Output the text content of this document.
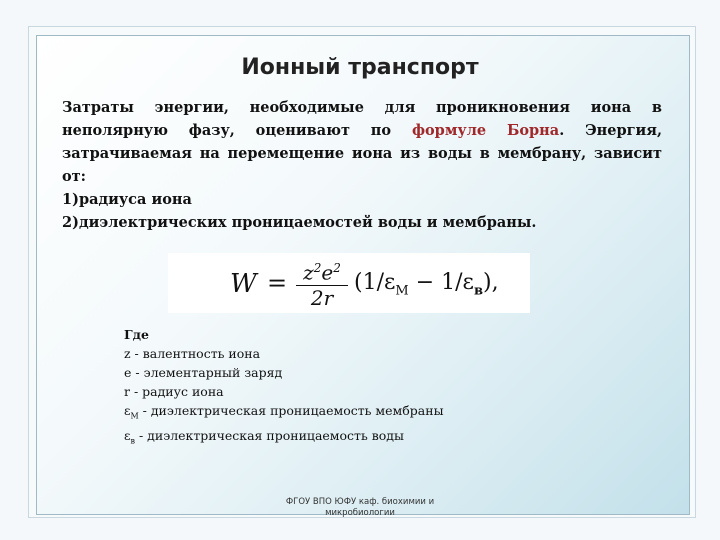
Ионный транспорт
Затраты энергии, необходимые для проникновения иона в неполярную фазу, оценивают по формуле Борна. Энергия, затрачиваемая на перемещение иона из воды в мембрану, зависит от:
1)радиуса иона
2)диэлектрических проницаемостей воды и мембраны.
$W = z^2e^2$
2r
$(1/\varepsilon_М - 1/\varepsilon_в)$,
Где
z - валентность иона
e - элементарный заряд
r - радиус иона
$\varepsilon_М$ - диэлектрическая проницаемость мембраны
$\varepsilon_в$ - диэлектрическая проницаемость воды
ФГОУ ВПО ЮФУ каф. биохимии и
микробиологии
